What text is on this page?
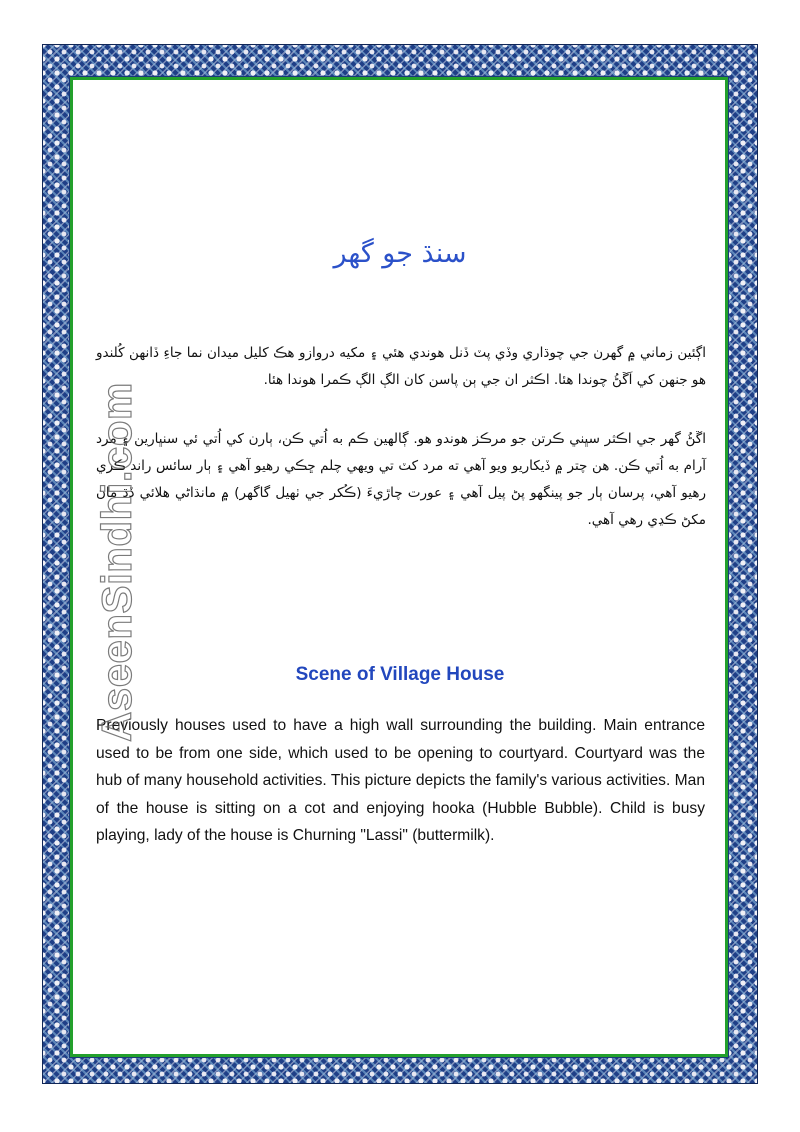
سنڌ جو گهر
اڳئين زماني ۾ گهرن جي چوڌاري وڏي پٽ ڏنل هوندي هئي ۽ مکيه دروازو هڪ کليل ميدان نما جاءِ ڏانهن کُلندو هو جنهن کي اَڱڻُ چوندا هئا. اڪثر ان جي ٻن پاسن کان الڳ الڳ ڪمرا هوندا هئا.
اڱڻُ گهر جي اڪثر سڀني ڪرتن جو مرڪز هوندو هو. ڳالهين ڪم به اُتي ڪن، ٻارن کي اُتي ئي سنڀارين ۽ مرد آرام به اُتي ڪن. هن چتر ۾ ڏيکاريو ويو آهي ته مرد کٽ تي ويهي چلم ڇڪي رهيو آهي ۽ ٻار سائس راند ڪري رهيو آهي، پرسان ٻار جو پينگهو پڻ پيل آهي ۽ عورت چاڙيءَ (ڪُکر جي ٺهيل گاگهر) ۾ مانڌاڻي هلائي ڏڌ مان مکڻ ڪڍي رهي آهي.
Scene of Village House
Previously houses used to have a high wall surrounding the building. Main entrance used to be from one side, which used to be opening to courtyard. Courtyard was the hub of many household activities. This picture depicts the family's various activities. Man of the house is sitting on a cot and enjoying hooka (Hubble Bubble). Child is busy playing, lady of the house is Churning "Lassi" (buttermilk).
